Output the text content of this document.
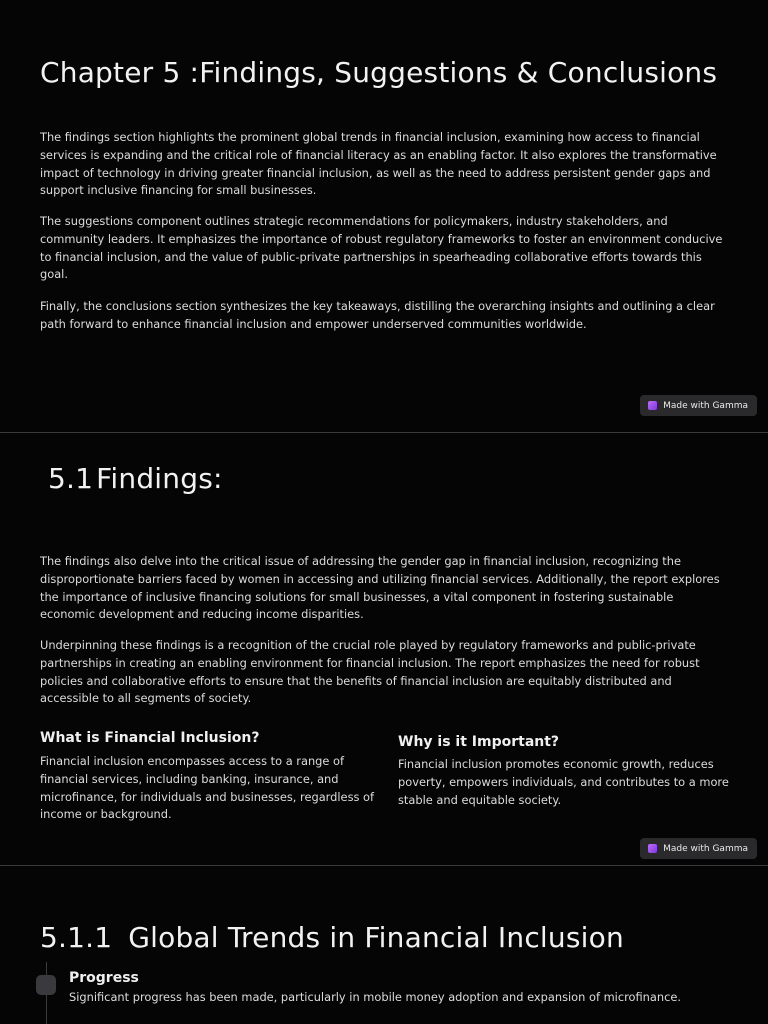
Chapter 5 :Findings, Suggestions & Conclusions

The findings section highlights the prominent global trends in financial inclusion, examining how access to financial services is expanding and the critical role of financial literacy as an enabling factor. It also explores the transformative impact of technology in driving greater financial inclusion, as well as the need to address persistent gender gaps and support inclusive financing for small businesses.

The suggestions component outlines strategic recommendations for policymakers, industry stakeholders, and community leaders. It emphasizes the importance of robust regulatory frameworks to foster an environment conducive to financial inclusion, and the value of public-private partnerships in spearheading collaborative efforts towards this goal.

Finally, the conclusions section synthesizes the key takeaways, distilling the overarching insights and outlining a clear path forward to enhance financial inclusion and empower underserved communities worldwide.

Made with Gamma
5.1 Findings:

The findings also delve into the critical issue of addressing the gender gap in financial inclusion, recognizing the disproportionate barriers faced by women in accessing and utilizing financial services. Additionally, the report explores the importance of inclusive financing solutions for small businesses, a vital component in fostering sustainable economic development and reducing income disparities.

Underpinning these findings is a recognition of the crucial role played by regulatory frameworks and public-private partnerships in creating an enabling environment for financial inclusion. The report emphasizes the need for robust policies and collaborative efforts to ensure that the benefits of financial inclusion are equitably distributed and accessible to all segments of society.

What is Financial Inclusion?

Financial inclusion encompasses access to a range of financial services, including banking, insurance, and microfinance, for individuals and businesses, regardless of income or background.

Why is it Important?

Financial inclusion promotes economic growth, reduces poverty, empowers individuals, and contributes to a more stable and equitable society.

Made with Gamma
5.1.1 Global Trends in Financial Inclusion
Progress

Significant progress has been made, particularly in mobile money adoption and expansion of microfinance.
